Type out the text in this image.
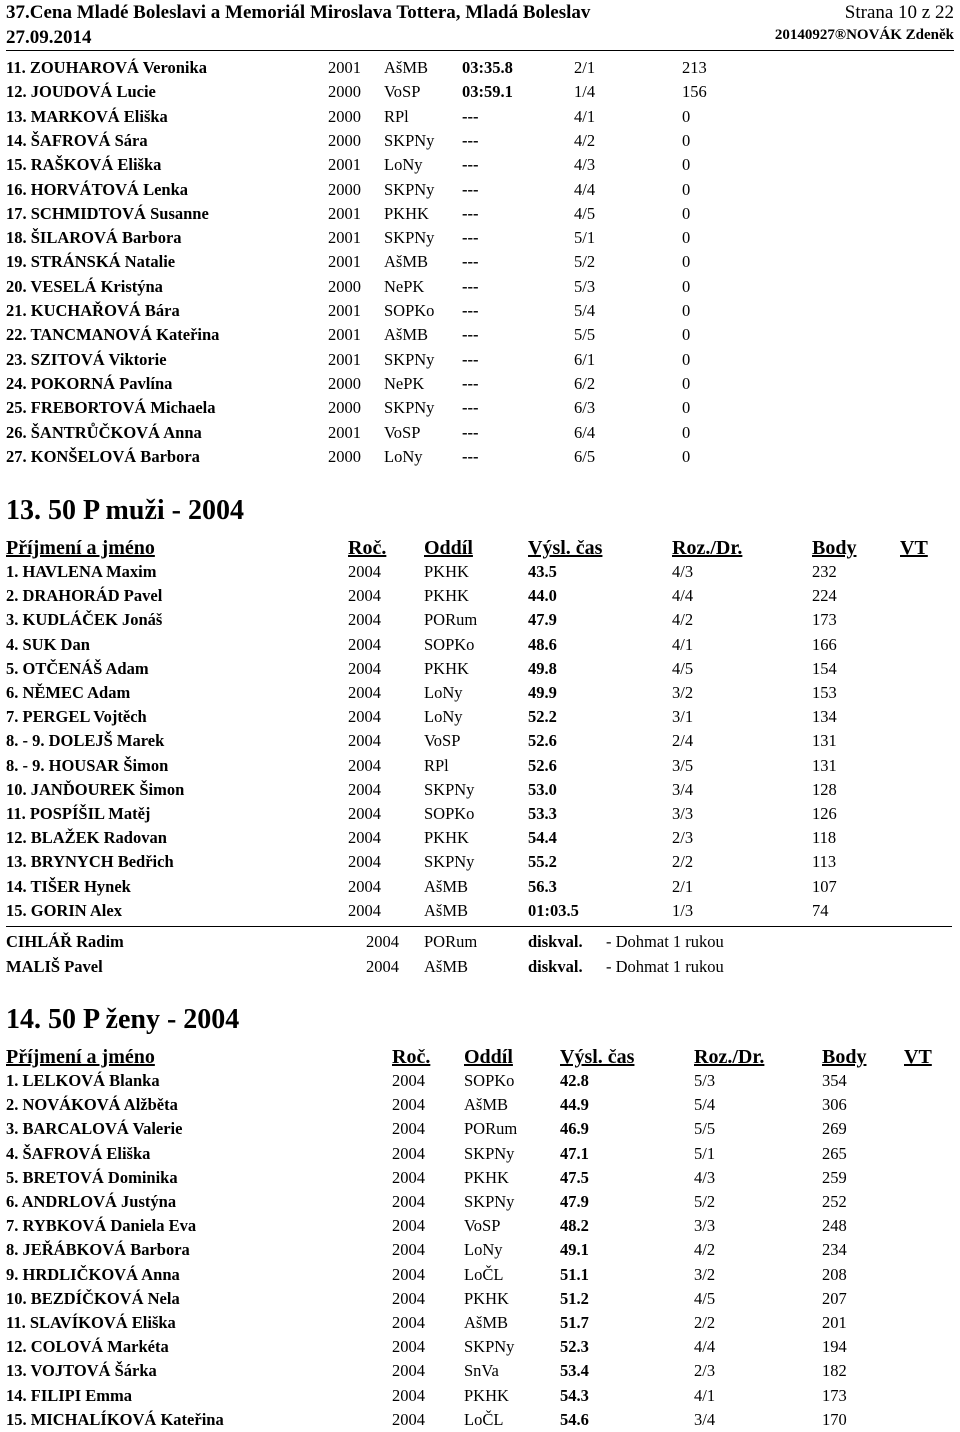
37.Cena Mladé Boleslavi a Memoriál Miroslava Tottera, Mladá Boleslav
27.09.2014
Strana 10 z 22
20140927®NOVÁK Zdeněk
11. ZOUHAROVÁ Veronika	2001 AšMB 03:35.8	2/1	213
12. JOUDOVÁ Lucie	2000 VoSP	03:59.1	1/4	156
13. MARKOVÁ Eliška	2000 RPl	---	4/1	0
14. ŠAFROVÁ Sára	2000 SKPNy ---	4/2	0
15. RAŠKOVÁ Eliška	2001 LoNy ---	4/3	0
16. HORVÁTOVÁ Lenka	2000 SKPNy ---	4/4	0
17. SCHMIDTOVÁ Susanne	2001 PKHK ---	4/5	0
18. ŠILAROVÁ Barbora	2001 SKPNy ---	5/1	0
19. STRÁNSKÁ Natalie	2001 AšMB ---	5/2	0
20. VESELÁ Kristýna	2000 NePK ---	5/3	0
21. KUCHAŘOVÁ Bára	2001 SOPKo ---	5/4	0
22. TANCMANOVÁ Kateřina	2001 AšMB ---	5/5	0
23. SZITOVÁ Viktorie	2001 SKPNy ---	6/1	0
24. POKORNÁ Pavlína	2000 NePK ---	6/2	0
25. FREBORTOVÁ Michaela	2000 SKPNy ---	6/3	0
26. ŠANTRŮČKOVÁ Anna	2001 VoSP	---	6/4	0
27. KONŠELOVÁ Barbora	2000 LoNy ---	6/5	0
13. 50 P muži - 2004
Příjmení a jméno	Roč. Oddíl	Výsl. čas	Roz./Dr.	Body VT
1. HAVLENA Maxim	2004	PKHK	43.5	4/3	232
2. DRAHORÁD Pavel	2004	PKHK	44.0	4/4	224
3. KUDLÁČEK Jonáš	2004	PORum	47.9	4/2	173
4. SUK Dan	2004	SOPKo	48.6	4/1	166
5. OTČENÁŠ Adam	2004	PKHK	49.8	4/5	154
6. NĚMEC Adam	2004	LoNy	49.9	3/2	153
7. PERGEL Vojtěch	2004	LoNy	52.2	3/1	134
8. - 9. DOLEJŠ Marek	2004	VoSP	52.6	2/4	131
8. - 9. HOUSAR Šimon	2004	RPl	52.6	3/5	131
10. JANĎOUREK Šimon	2004	SKPNy	53.0	3/4	128
11. POSPÍŠIL Matěj	2004	SOPKo	53.3	3/3	126
12. BLAŽEK Radovan	2004	PKHK	54.4	2/3	118
13. BRYNYCH Bedřich	2004	SKPNy	55.2	2/2	113
14. TIŠER Hynek	2004	AšMB	56.3	2/1	107
15. GORIN Alex	2004	AšMB	01:03.5	1/3	74
CIHLÁŘ Radim	2004 PORum	diskval. - Dohmat 1 rukou
MALIŠ Pavel	2004 AšMB	diskval. - Dohmat 1 rukou
14. 50 P ženy - 2004
Příjmení a jméno	Roč. Oddíl Výsl. čas	Roz./Dr.	Body VT
1. LELKOVÁ Blanka	2004 SOPKo	42.8	5/3	354
2. NOVÁKOVÁ Alžběta	2004 AšMB	44.9	5/4	306
3. BARCALOVÁ Valerie	2004 PORum	46.9	5/5	269
4. ŠAFROVÁ Eliška	2004 SKPNy	47.1	5/1	265
5. BRETOVÁ Dominika	2004 PKHK	47.5	4/3	259
6. ANDRLOVÁ Justýna	2004 SKPNy	47.9	5/2	252
7. RYBKOVÁ Daniela Eva	2004 VoSP	48.2	3/3	248
8. JEŘÁBKOVÁ Barbora	2004 LoNy	49.1	4/2	234
9. HRDLIČKOVÁ Anna	2004 LoČL	51.1	3/2	208
10. BEZDÍČKOVÁ Nela	2004 PKHK	51.2	4/5	207
11. SLAVÍKOVÁ Eliška	2004 AšMB	51.7	2/2	201
12. COLOVÁ Markéta	2004 SKPNy	52.3	4/4	194
13. VOJTOVÁ Šárka	2004 SnVa	53.4	2/3	182
14. FILIPI Emma	2004 PKHK	54.3	4/1	173
15. MICHALÍKOVÁ Kateřina	2004 LoČL	54.6	3/4	170
